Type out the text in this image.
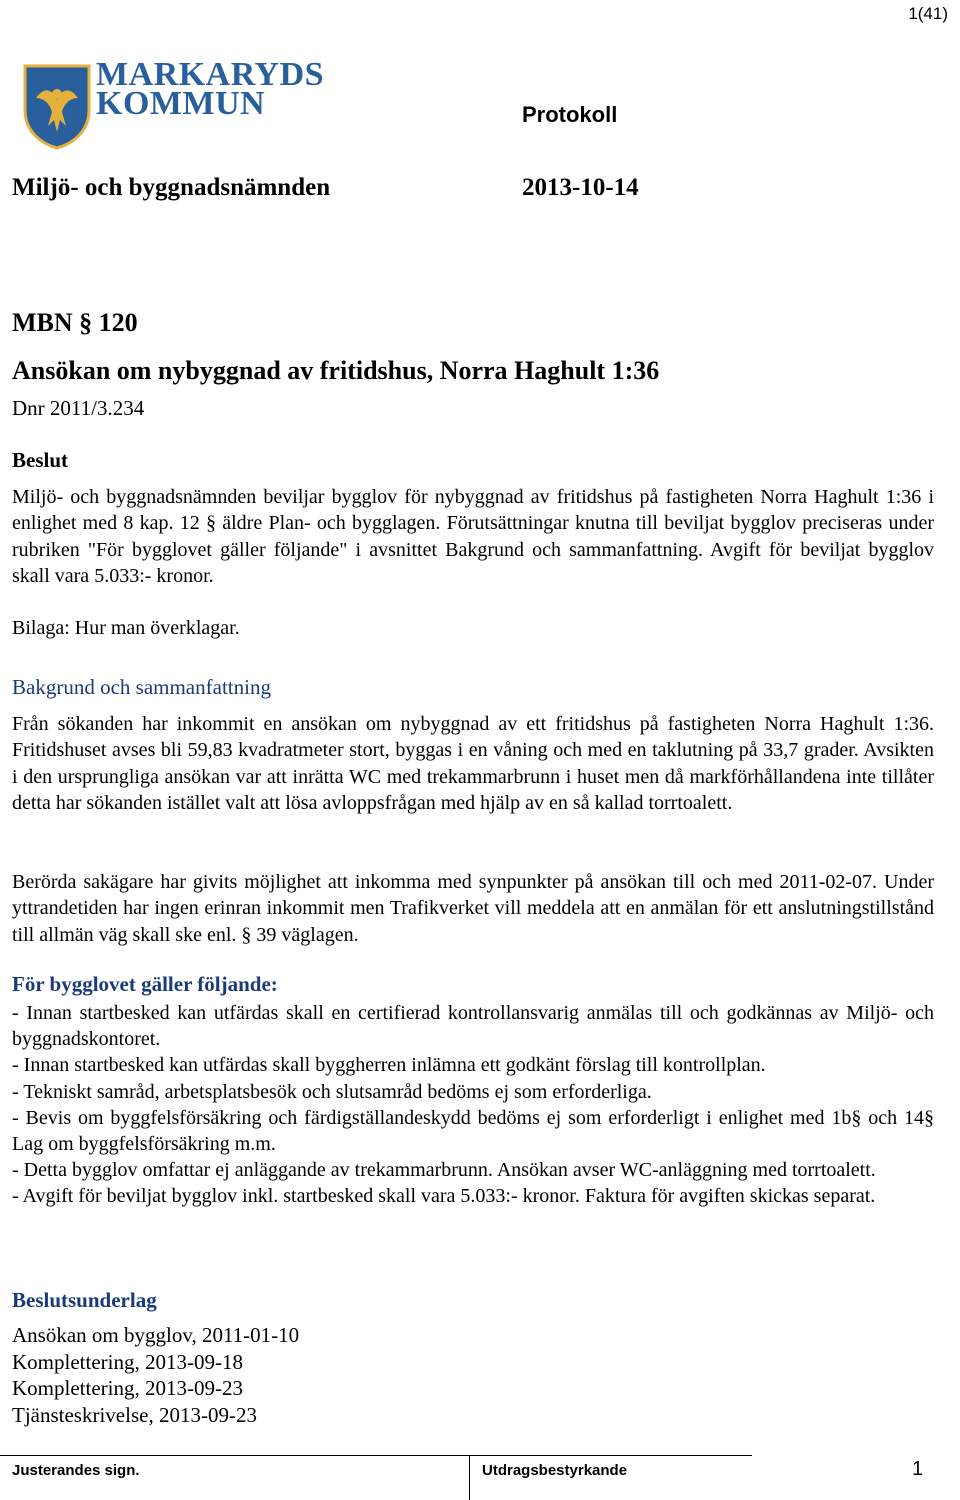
1(41)
MARKARYDS
KOMMUN	Protokoll
Miljö- och byggnadsnämnden	2013-10-14
MBN § 120
Ansökan om nybyggnad av fritidshus, Norra Haghult 1:36
Dnr 2011/3.234
Beslut

Miljö- och byggnadsnämnden beviljar bygglov för nybyggnad av fritidshus på fastigheten Norra Haghult 1:36 i enlighet med 8 kap. 12 § äldre Plan- och bygglagen. Förutsättningar knutna till beviljat bygglov preciseras under rubriken "För bygglovet gäller följande" i avsnittet Bakgrund och sammanfattning. Avgift för beviljat bygglov skall vara 5.033:- kronor.

Bilaga: Hur man överklagar.
Bakgrund och sammanfattning
Från sökanden har inkommit en ansökan om nybyggnad av ett fritidshus på fastigheten Norra Haghult 1:36. Fritidshuset avses bli 59,83 kvadratmeter stort, byggas i en våning och med en taklutning på 33,7 grader. Avsikten i den ursprungliga ansökan var att inrätta WC med trekammarbrunn i huset men då markförhållandena inte tillåter detta har sökanden istället valt att lösa avloppsfrågan med hjälp av en så kallad torrtoalett.
Berörda sakägare har givits möjlighet att inkomma med synpunkter på ansökan till och med 2011-02-07. Under yttrandetiden har ingen erinran inkommit men Trafikverket vill meddela att en anmälan för ett anslutningstillstånd till allmän väg skall ske enl. § 39 väglagen.
För bygglovet gäller följande:
- Innan startbesked kan utfärdas skall en certifierad kontrollansvarig anmälas till och godkännas av Miljö- och byggnadskontoret.
- Innan startbesked kan utfärdas skall byggherren inlämna ett godkänt förslag till kontrollplan.
- Tekniskt samråd, arbetsplatsbesök och slutsamråd bedöms ej som erforderliga.
- Bevis om byggfelsförsäkring och färdigställandeskydd bedöms ej som erforderligt i enlighet med 1b§ och 14§ Lag om byggfelsförsäkring m.m.
- Detta bygglov omfattar ej anläggande av trekammarbrunn. Ansökan avser WC-anläggning med torrtoalett.
- Avgift för beviljat bygglov inkl. startbesked skall vara 5.033:- kronor. Faktura för avgiften skickas separat.
Beslutsunderlag
Ansökan om bygglov, 2011-01-10
Komplettering, 2013-09-18
Komplettering, 2013-09-23
Tjänsteskrivelse, 2013-09-23
Justerandes sign.	Utdragsbestyrkande	1
